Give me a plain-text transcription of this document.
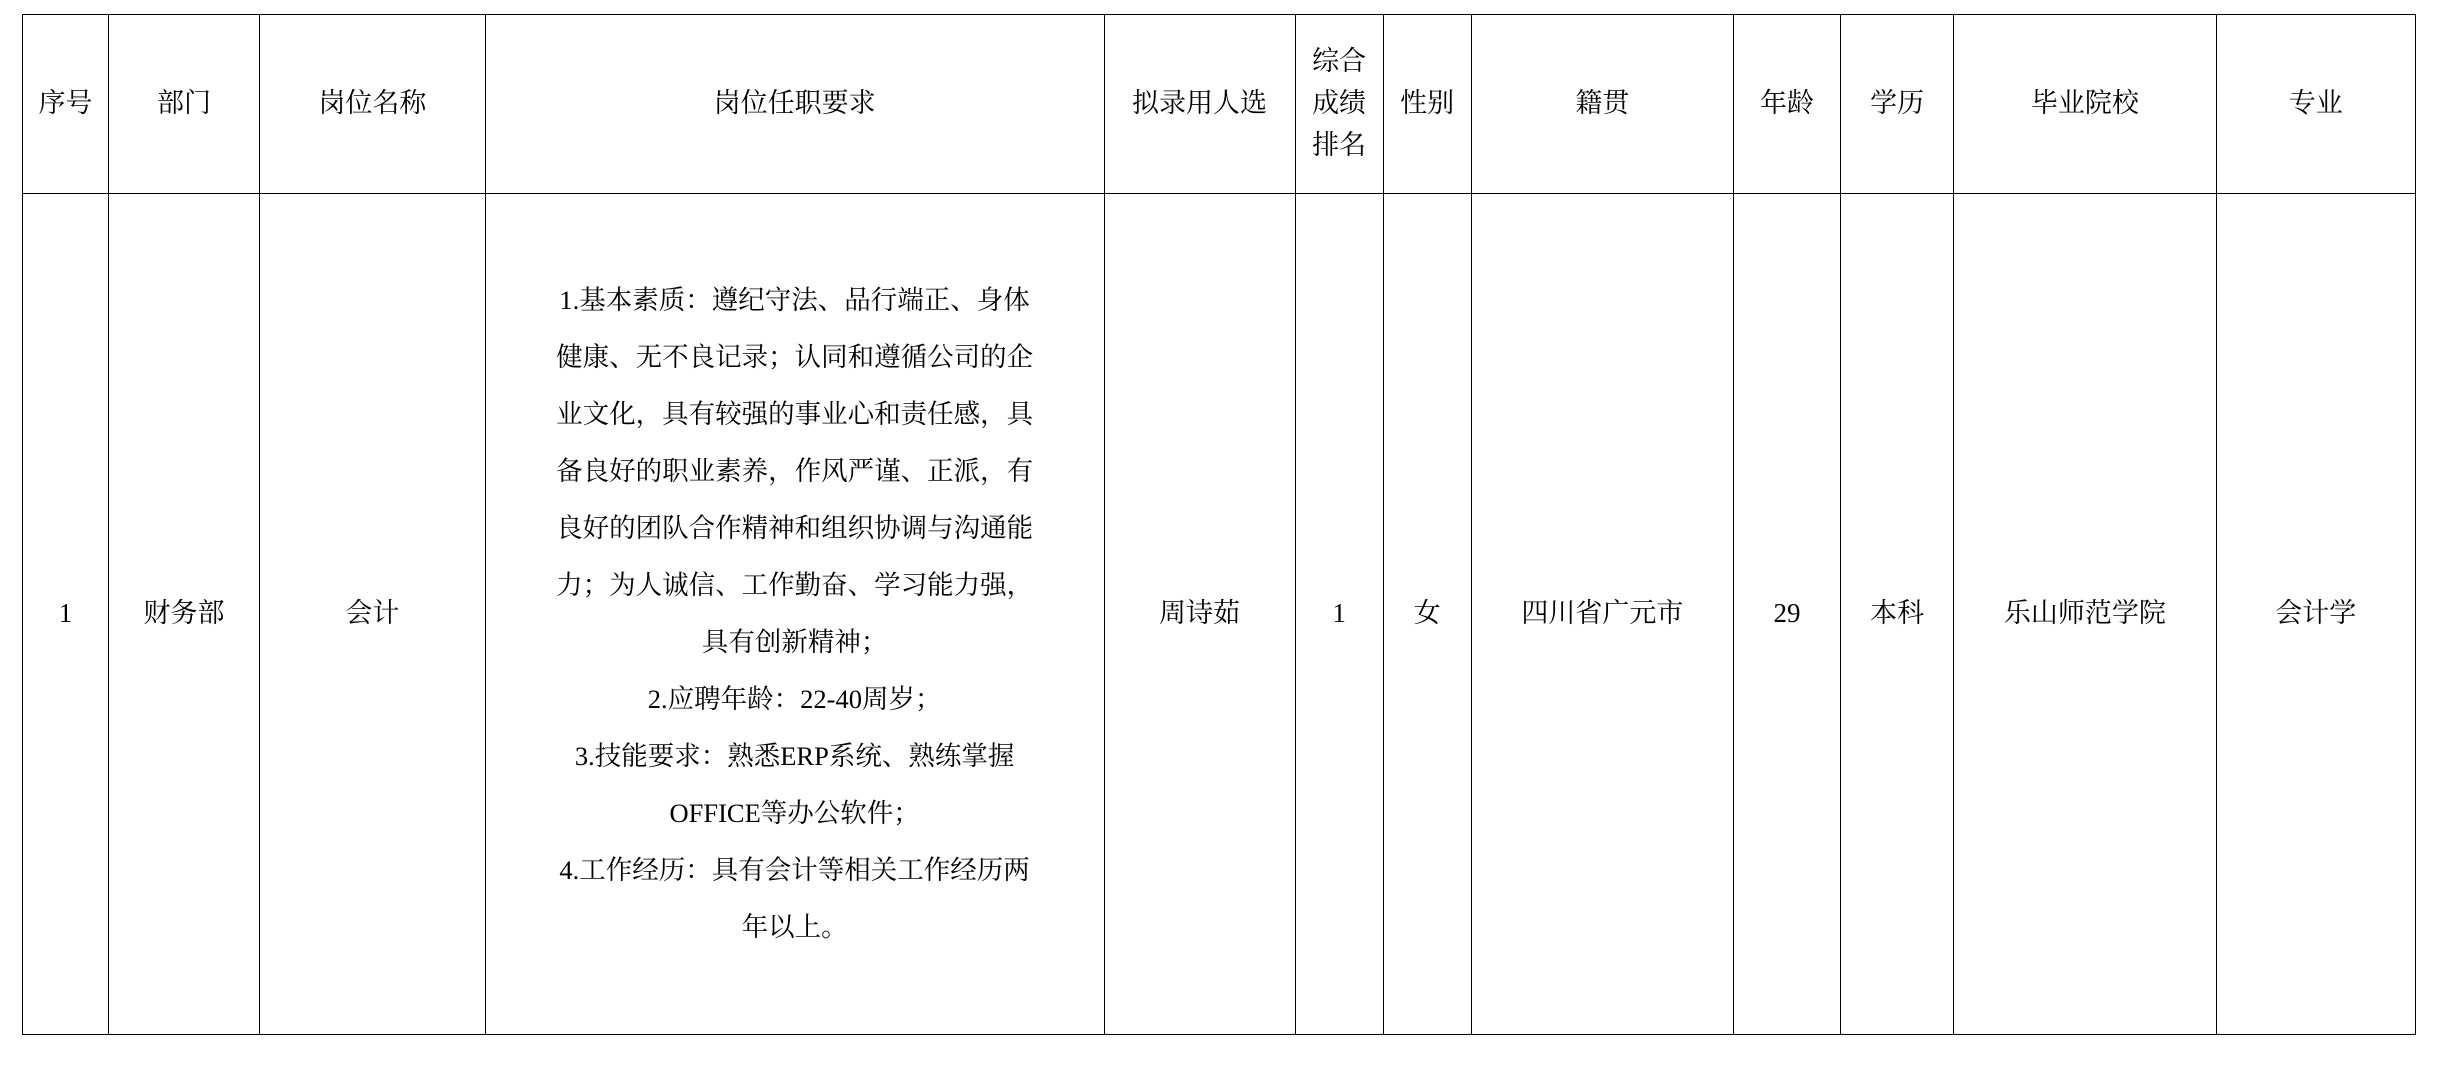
序号	部门	岗位名称	岗位任职要求	拟录用人选	综合
成绩
排名	性别	籍贯	年龄	学历	毕业院校	专业
1	财务部	会计	
1.基本素质：遵纪守法、品行端正、身体
健康、无不良记录；认同和遵循公司的企
业文化，具有较强的事业心和责任感，具
备良好的职业素养，作风严谨、正派，有
良好的团队合作精神和组织协调与沟通能
力；为人诚信、工作勤奋、学习能力强，
具有创新精神；
2.应聘年龄：22-40周岁；
3.技能要求：熟悉ERP系统、熟练掌握
OFFICE等办公软件；
4.工作经历：具有会计等相关工作经历两
年以上。
	周诗茹	1	女	四川省广元市	29	本科	乐山师范学院	会计学
